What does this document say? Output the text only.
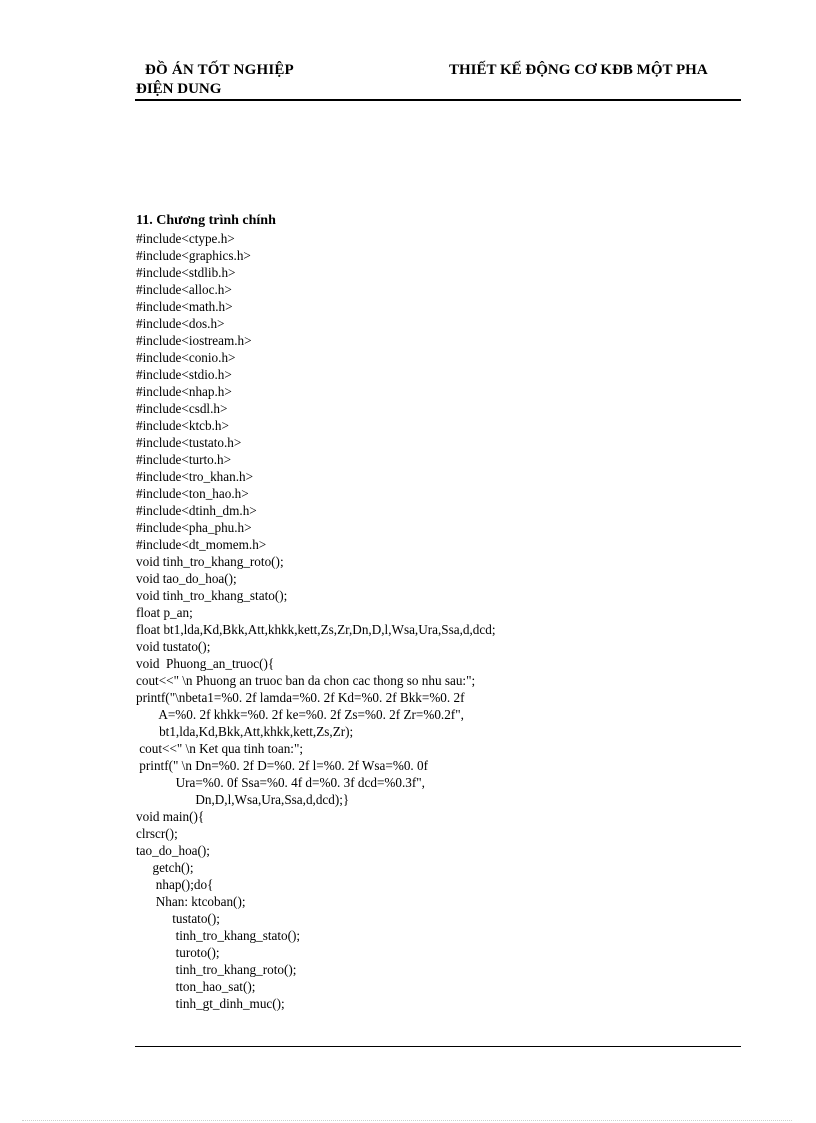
ĐỒ ÁN TỐT NGHIỆP	THIẾT KẾ ĐỘNG CƠ KĐB MỘT PHA
ĐIỆN DUNG
11. Chương trình chính
#include<ctype.h>
#include<graphics.h>
#include<stdlib.h>
#include<alloc.h>
#include<math.h>
#include<dos.h>
#include<iostream.h>
#include<conio.h>
#include<stdio.h>
#include<nhap.h>
#include<csdl.h>
#include<ktcb.h>
#include<tustato.h>
#include<turto.h>
#include<tro_khan.h>
#include<ton_hao.h>
#include<dtinh_dm.h>
#include<pha_phu.h>
#include<dt_momem.h>
void tinh_tro_khang_roto();
void tao_do_hoa();
void tinh_tro_khang_stato();
float p_an;
float bt1,lda,Kd,Bkk,Att,khkk,kett,Zs,Zr,Dn,D,l,Wsa,Ura,Ssa,d,dcd;
void tustato();
void  Phuong_an_truoc(){
cout<<" \n Phuong an truoc ban da chon cac thong so nhu sau:";
printf("\nbeta1=%0. 2f lamda=%0. 2f Kd=%0. 2f Bkk=%0. 2f
A=%0. 2f khkk=%0. 2f ke=%0. 2f Zs=%0. 2f Zr=%0.2f",
bt1,lda,Kd,Bkk,Att,khkk,kett,Zs,Zr);
cout<<" \n Ket qua tinh toan:";
printf(" \n Dn=%0. 2f D=%0. 2f l=%0. 2f Wsa=%0. 0f
Ura=%0. 0f Ssa=%0. 4f d=%0. 3f dcd=%0.3f",
Dn,D,l,Wsa,Ura,Ssa,d,dcd);}
void main(){
clrscr();
tao_do_hoa();
getch();
nhap();do{
Nhan: ktcoban();
tustato();
tinh_tro_khang_stato();
turoto();
tinh_tro_khang_roto();
tton_hao_sat();
tinh_gt_dinh_muc();
